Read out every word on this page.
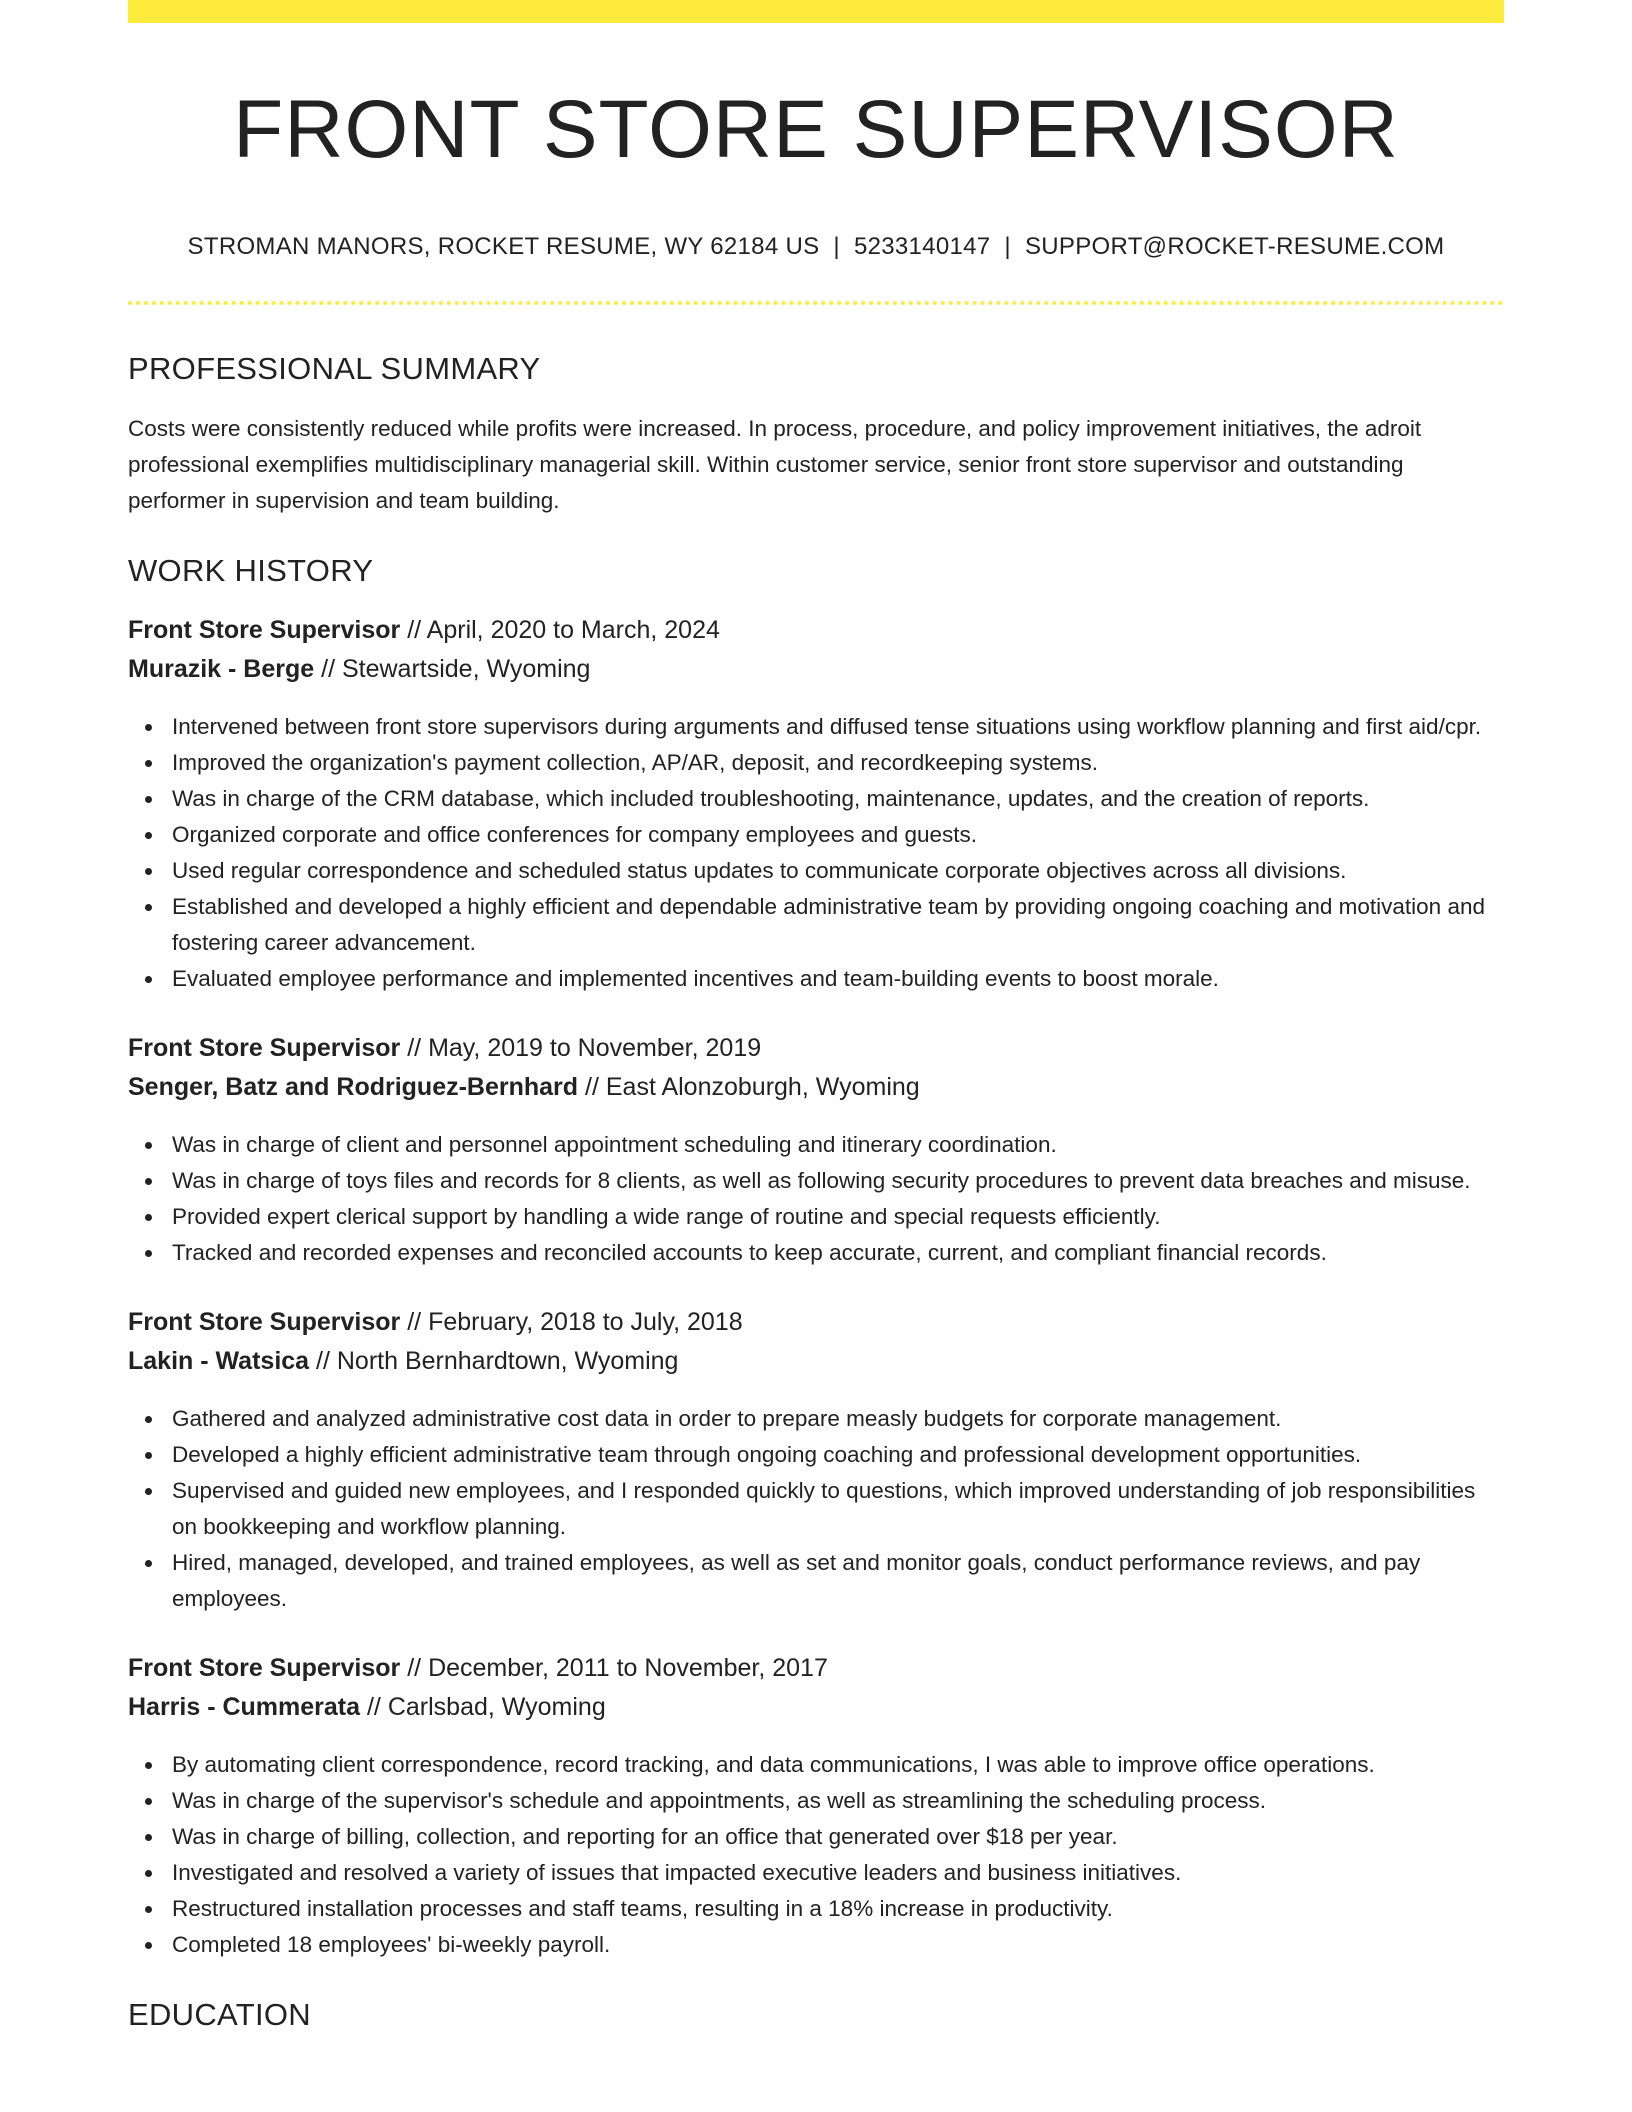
FRONT STORE SUPERVISOR
STROMAN MANORS, ROCKET RESUME, WY 62184 US | 5233140147 | SUPPORT@ROCKET-RESUME.COM
PROFESSIONAL SUMMARY

Costs were consistently reduced while profits were increased. In process, procedure, and policy improvement initiatives, the adroit professional exemplifies multidisciplinary managerial skill. Within customer service, senior front store supervisor and outstanding performer in supervision and team building.

WORK HISTORY
Front Store Supervisor // April, 2020 to March, 2024
Murazik - Berge // Stewartside, Wyoming
Intervened between front store supervisors during arguments and diffused tense situations using workflow planning and first aid/cpr.
Improved the organization's payment collection, AP/AR, deposit, and recordkeeping systems.
Was in charge of the CRM database, which included troubleshooting, maintenance, updates, and the creation of reports.
Organized corporate and office conferences for company employees and guests.
Used regular correspondence and scheduled status updates to communicate corporate objectives across all divisions.
Established and developed a highly efficient and dependable administrative team by providing ongoing coaching and motivation and fostering career advancement.
Evaluated employee performance and implemented incentives and team-building events to boost morale.
Front Store Supervisor // May, 2019 to November, 2019
Senger, Batz and Rodriguez-Bernhard // East Alonzoburgh, Wyoming
Was in charge of client and personnel appointment scheduling and itinerary coordination.
Was in charge of toys files and records for 8 clients, as well as following security procedures to prevent data breaches and misuse.
Provided expert clerical support by handling a wide range of routine and special requests efficiently.
Tracked and recorded expenses and reconciled accounts to keep accurate, current, and compliant financial records.
Front Store Supervisor // February, 2018 to July, 2018
Lakin - Watsica // North Bernhardtown, Wyoming
Gathered and analyzed administrative cost data in order to prepare measly budgets for corporate management.
Developed a highly efficient administrative team through ongoing coaching and professional development opportunities.
Supervised and guided new employees, and I responded quickly to questions, which improved understanding of job responsibilities on bookkeeping and workflow planning.
Hired, managed, developed, and trained employees, as well as set and monitor goals, conduct performance reviews, and pay employees.
Front Store Supervisor // December, 2011 to November, 2017
Harris - Cummerata // Carlsbad, Wyoming
By automating client correspondence, record tracking, and data communications, I was able to improve office operations.
Was in charge of the supervisor's schedule and appointments, as well as streamlining the scheduling process.
Was in charge of billing, collection, and reporting for an office that generated over $18 per year.
Investigated and resolved a variety of issues that impacted executive leaders and business initiatives.
Restructured installation processes and staff teams, resulting in a 18% increase in productivity.
Completed 18 employees' bi-weekly payroll.
EDUCATION
